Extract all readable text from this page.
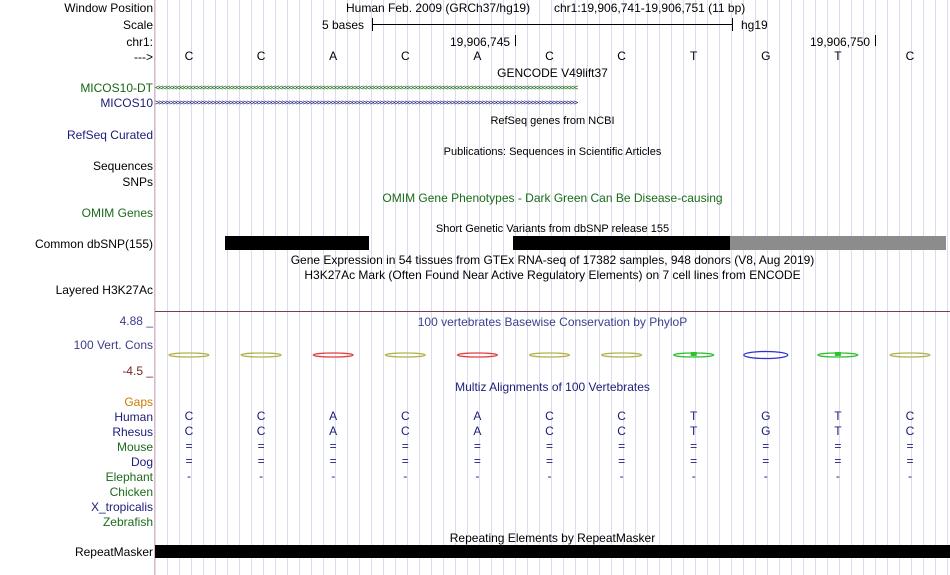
Window Position	Human Feb. 2009 (GRCh37/hg19) chr1:19,906,741-19,906,751 (11 bp)
Scale	5 bases	hg19
chr1:	19,906,745	19,906,750
--->	C	C	A	C	A	C	C	T	G	T	C
GENCODE V49lift37
MICOS10-DT <<<<<<<<<<<<<<<<<<<<<<<<<<<<<<<<<<<<<<<<<<<<<<<<<<<<<<<<<<<<<<<<<<<<<<<<<<<<<<<<<<<<<<<<<<<<<<<<<<<<<<<<<<<<<<<<<<<<<<<<
MICOS10 >>>>>>>>>>>>>>>>>>>>>>>>>>>>>>>>>>>>>>>>>>>>>>>>>>>>>>>>>>>>>>>>>>>>>>>>>>>>>>>>>>>>>>>>>>>>>>>>>>>>>>>>>>>>>>>>>>>>>>>>
RefSeq genes from NCBI
RefSeq Curated
Publications: Sequences in Scientific Articles
Sequences
SNPs
OMIM Gene Phenotypes - Dark Green Can Be Disease-causing
OMIM Genes
Short Genetic Variants from dbSNP release 155
Common dbSNP(155)
Gene Expression in 54 tissues from GTEx RNA-seq of 17382 samples, 948 donors (V8, Aug 2019)
H3K27Ac Mark (Often Found Near Active Regulatory Elements) on 7 cell lines from ENCODE
Layered H3K27Ac
4.88 _	100 vertebrates Basewise Conservation by PhyloP
100 Vert. Cons
-4.5 _
Multiz Alignments of 100 Vertebrates
Gaps
Human	C	C	A	C	A	C	C	T	G	T	C
Rhesus	C	C	A	C	A	C	C	T	G	T	C
Mouse	=	=	=	=	=	=	=	=	=	=	=
Dog	=	=	=	=	=	=	=	=	=	=	=
Elephant	-	-	-	-	-	-	-	-	-	-	-
Chicken
X_tropicalis
Zebrafish
Repeating Elements by RepeatMasker
RepeatMasker
